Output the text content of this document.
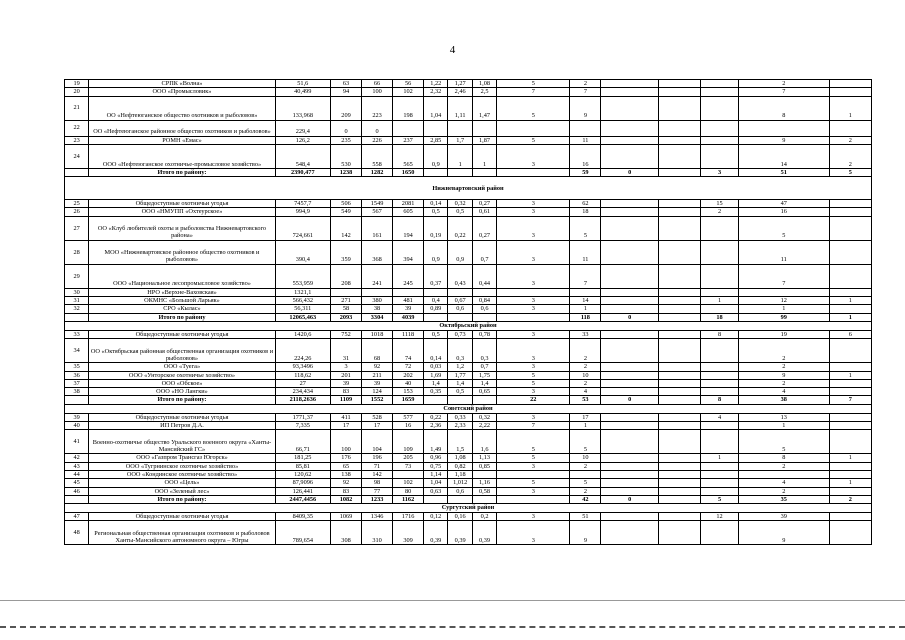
4
19	СРПК «Волна»	51,6	63	66	56	1,22	1,27	1,08	5	2				2	
20	ООО «Промысловик»	40,499	94	100	102	2,32	2,46	2,5	7	7				7	
21	ОО «Нефтеюганское общество охотников и рыболовов»	133,968	209	223	198	1,04	1,11	1,47	5	9				8	1
22	ОО «Нефтеюганское районное общество охотников и рыболовов»	229,4	0	0											
23	РОМН «Емас»	126,2	235	226	237	2,85	1,7	1,87	5	11				9	2
24	ООО «Нефтеюганское охотничье-промысловое хозяйство»	548,4	530	558	565	0,9	1	1	3	16				14	2
	Итого по району:	2390,477	1238	1282	1650					59	0		3	51	5
Нижневартовский район															
25	Общедоступные охотничьи угодья	7457,7	506	1549	2081	0,14	0,32	0,27	3	62			15	47	
26	ООО «НМУПП «Охтеурское»	994,9	549	567	605	0,5	0,5	0,61	3	18			2	16	
27	ОО «Клуб любителей охоты и рыболовства Нижневартовского района»	724,661	142	161	194	0,19	0,22	0,27	3	5				5	
28	МОО «Нижневартовское районное общество охотников и рыболовов»	390,4	359	368	394	0,9	0,9	0,7	3	11				11	
29	ООО «Национальное лесопромысловое хозяйство»	553,959	208	241	245	0,37	0,43	0,44	3	7				7	
30	НРО «Верхне-Ваховская»	1321,1													
31	ОКМНС «Большой Ларьяк»	566,432	271	380	481	0,4	0,67	0,84	3	14			1	12	1
32	СРО «Кылас»	56,311	58	38	39	0,89	0,6	0,6	3	1				1	
	Итого по району	12065,463	2093	3304	4039					118	0		18	99	1
Октябрьский район															
33	Общедоступные охотничьи угодья	1420,6	752	1018	1118	0,5	0,73	0,78	3	33			8	19	6
34	ОО «Октябрьская районная общественная организация охотников и рыболовов»	224,26	31	68	74	0,14	0,3	0,3	3	2				2	
35	ООО «Туега»	93,3496	3	92	72	0,03	1,2	0,7	3	2				2	
36	ООО «Унторское охотничье хозяйство»	118,62	201	211	202	1,69	1,77	1,75	5	10				9	1
37	ООО «Обское»	27	39	39	40	1,4	1,4	1,4	5	2				2	
38	ООО «НО Лангки»	234,434	83	124	153	0,35	0,5	0,65	3	4				4	
	Итого по району:	2118,2636	1109	1552	1659				22	53	0		8	38	7
Советский район															
39	Общедоступные охотничьи угодья	1771,37	411	528	577	0,22	0,33	0,32	3	17			4	13	
40	ИП Петров Д.А.	7,335	17	17	16	2,36	2,33	2,22	7	1				1	
41	Военно-охотничье общество Уральского военного округа «Ханты-Мансийский ГС»	66,71	100	104	109	1,49	1,5	1,6	5	5				5	
42	ООО «Газпром Трансгаз Югорск»	181,25	176	196	205	0,96	1,08	1,13	5	10			1	8	1
43	ООО «Тугрнинское охотничье хозяйство»	85,81	65	71	73	0,75	0,82	0,85	3	2				2	
44	ООО «Кондинское охотничье хозяйство»	120,62	138	142		1,14	1,18								
45	ООО «Цель»	87,9096	92	98	102	1,04	1,012	1,16	5	5				4	1
46	ООО «Зеленый лес»	126,441	83	77	80	0,63	0,6	0,58	3	2				2	
	Итого по району:	2447,4456	1082	1233	1162					42	0		5	35	2
Сургутский район															
47	Общедоступные охотничьи угодья	8409,35	1069	1346	1716	0,12	0,16	0,2	3	51			12	39	
48	Региональная общественная организация охотников и рыболовов Ханты-Мансийского автономного округа – Югры	789,654	308	310	309	0,39	0,39	0,39	3	9				9	
